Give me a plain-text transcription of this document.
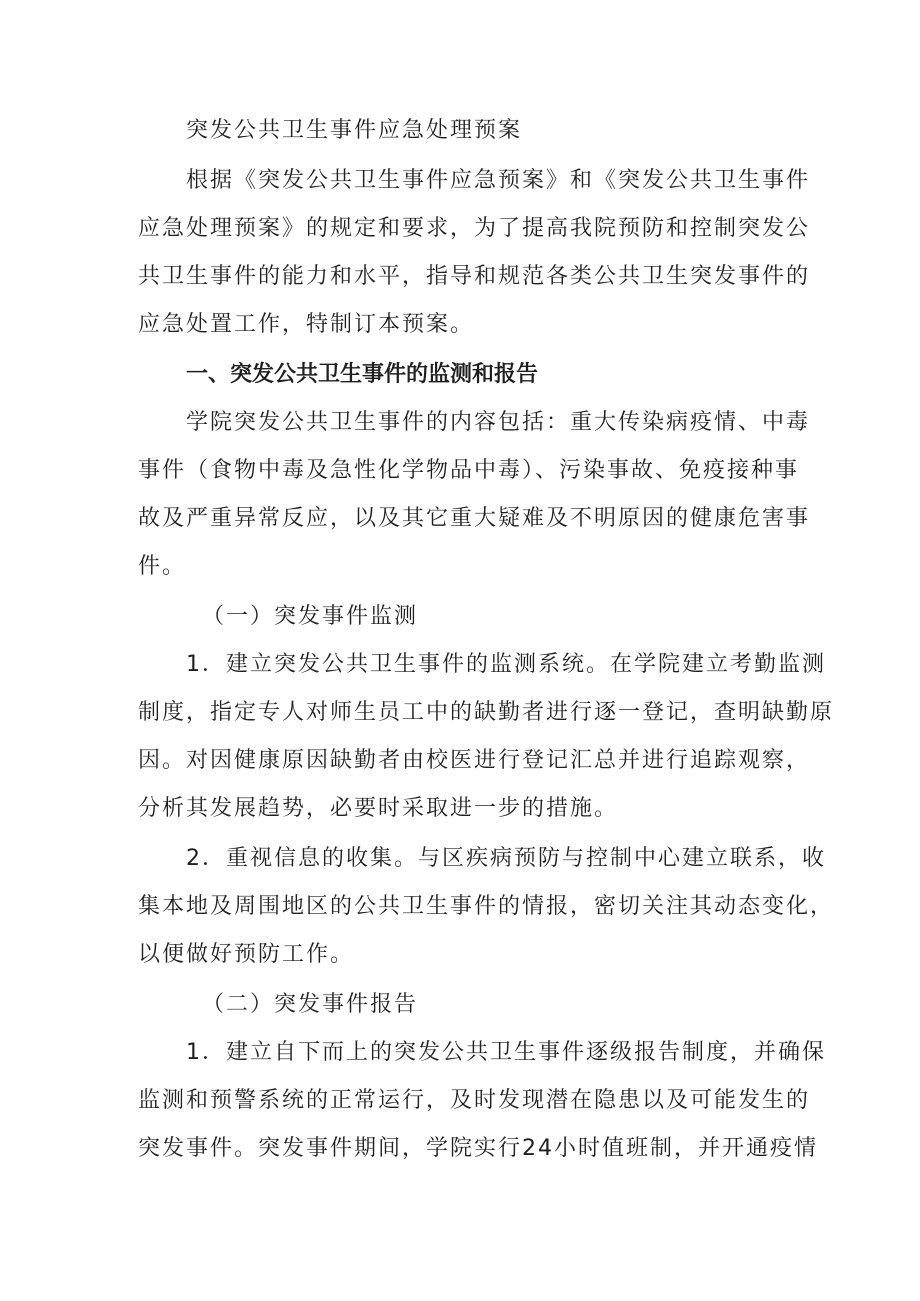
突发公共卫生事件应急处理预案
根据《突发公共卫生事件应急预案》和《突发公共卫生事件
应急处理预案》的规定和要求，为了提高我院预防和控制突发公
共卫生事件的能力和水平，指导和规范各类公共卫生突发事件的
应急处置工作，特制订本预案。
一、突发公共卫生事件的监测和报告
学院突发公共卫生事件的内容包括：重大传染病疫情、中毒
事件（食物中毒及急性化学物品中毒）、污染事故、免疫接种事
故及严重异常反应，以及其它重大疑难及不明原因的健康危害事
件。
（一）突发事件监测
1．建立突发公共卫生事件的监测系统。在学院建立考勤监测
制度，指定专人对师生员工中的缺勤者进行逐一登记，查明缺勤原
因。对因健康原因缺勤者由校医进行登记汇总并进行追踪观察，
分析其发展趋势，必要时采取进一步的措施。
2．重视信息的收集。与区疾病预防与控制中心建立联系，收
集本地及周围地区的公共卫生事件的情报，密切关注其动态变化，
以便做好预防工作。
（二）突发事件报告
1．建立自下而上的突发公共卫生事件逐级报告制度，并确保
监测和预警系统的正常运行，及时发现潜在隐患以及可能发生的
突发事件。突发事件期间，学院实行24小时值班制，并开通疫情
